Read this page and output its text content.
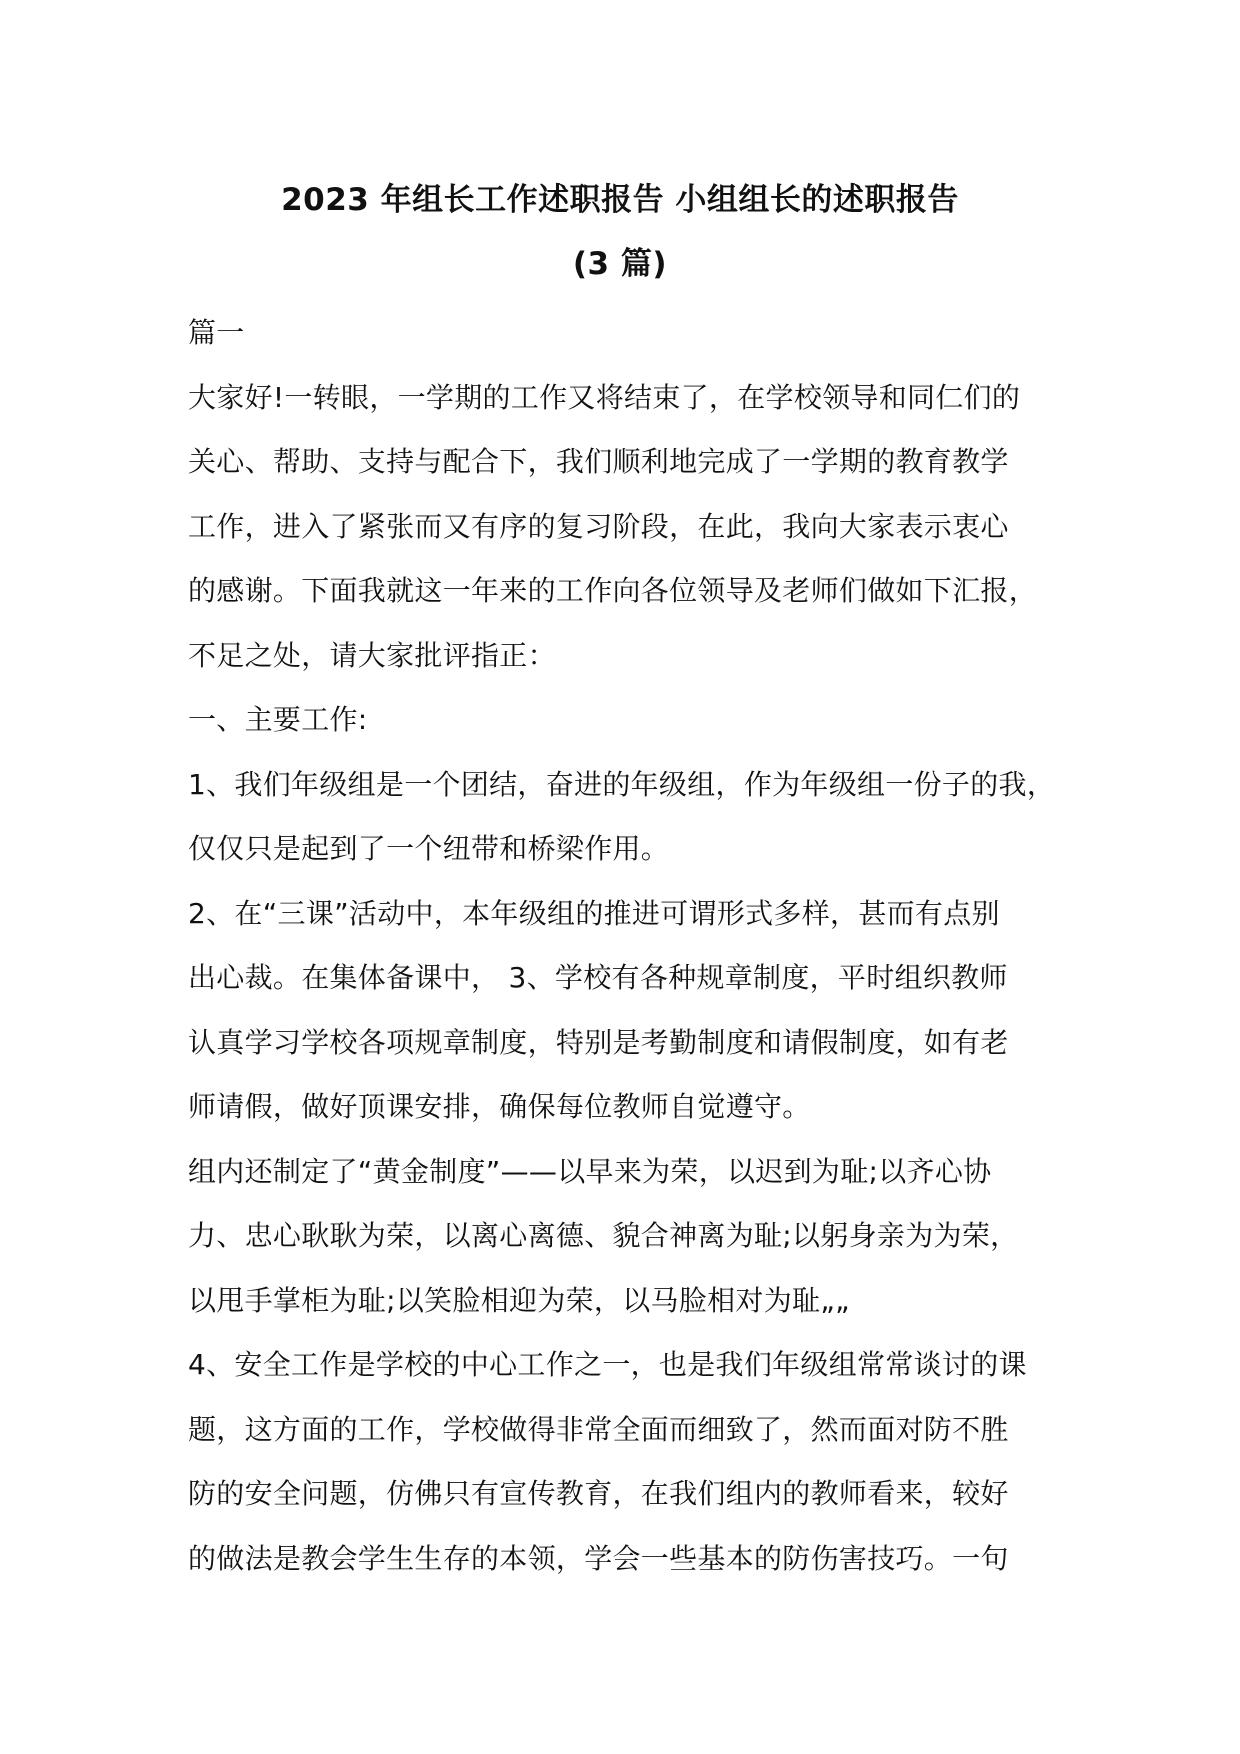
2023 年组长工作述职报告 小组组长的述职报告
(3 篇)
篇一
大家好!一转眼，一学期的工作又将结束了，在学校领导和同仁们的
关心、帮助、支持与配合下，我们顺利地完成了一学期的教育教学
工作，进入了紧张而又有序的复习阶段，在此，我向大家表示衷心
的感谢。下面我就这一年来的工作向各位领导及老师们做如下汇报，
不足之处，请大家批评指正：
一、主要工作:
1、我们年级组是一个团结，奋进的年级组，作为年级组一份子的我，
仅仅只是起到了一个纽带和桥梁作用。
2、在“三课”活动中，本年级组的推进可谓形式多样，甚而有点别
出心裁。在集体备课中， 3、学校有各种规章制度，平时组织教师
认真学习学校各项规章制度，特别是考勤制度和请假制度，如有老
师请假，做好顶课安排，确保每位教师自觉遵守。
组内还制定了“黄金制度”——以早来为荣，以迟到为耻;以齐心协
力、忠心耿耿为荣，以离心离德、貌合神离为耻;以躬身亲为为荣，
以甩手掌柜为耻;以笑脸相迎为荣，以马脸相对为耻„„
4、安全工作是学校的中心工作之一，也是我们年级组常常谈讨的课
题，这方面的工作，学校做得非常全面而细致了，然而面对防不胜
防的安全问题，仿佛只有宣传教育，在我们组内的教师看来，较好
的做法是教会学生生存的本领，学会一些基本的防伤害技巧。一句
